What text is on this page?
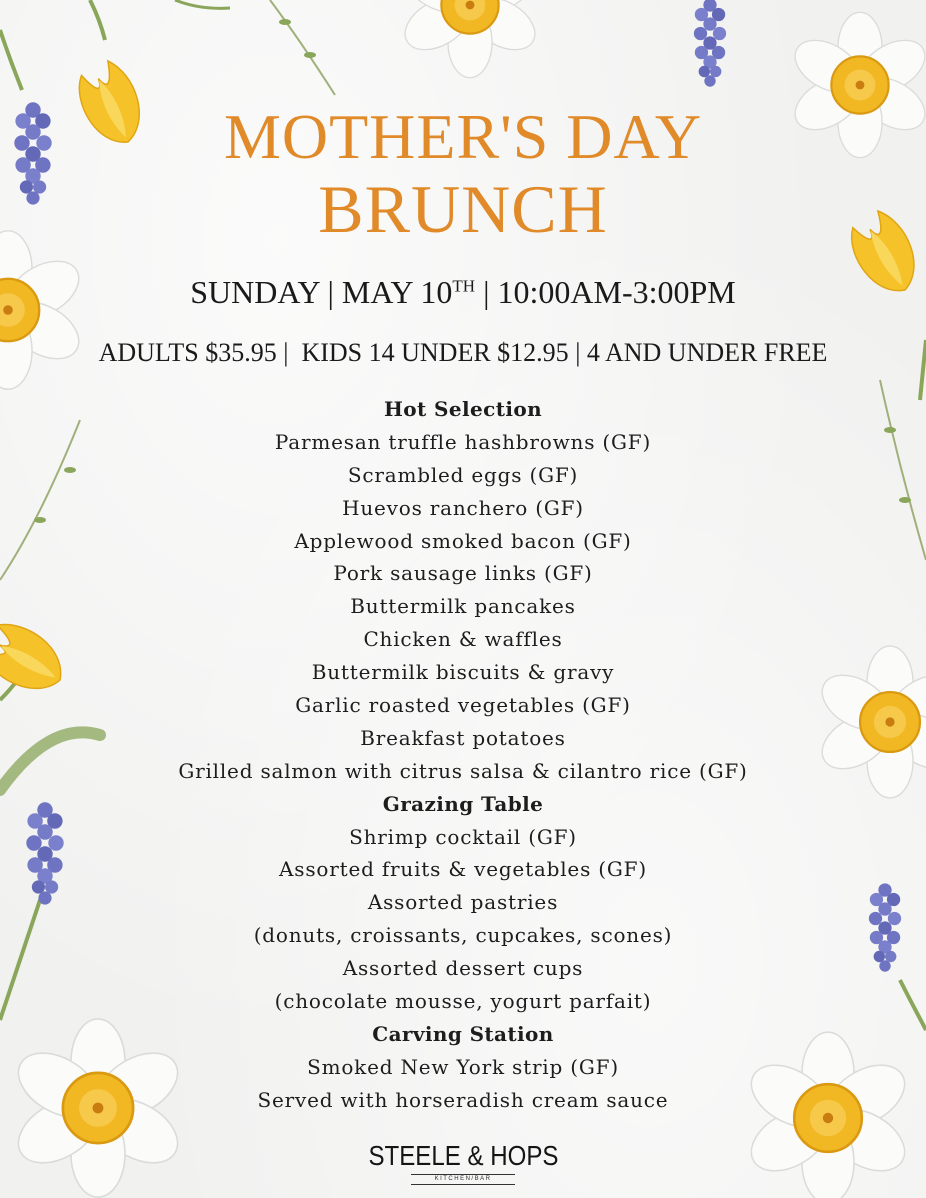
MOTHER'S DAY
BRUNCH
SUNDAY | MAY 10TH | 10:00AM-3:00PM
ADULTS $35.95 |  KIDS 14 UNDER $12.95 | 4 AND UNDER FREE
Hot Selection
Parmesan truffle hashbrowns (GF)
Scrambled eggs (GF)
Huevos ranchero (GF)
Applewood smoked bacon (GF)
Pork sausage links (GF)
Buttermilk pancakes
Chicken & waffles
Buttermilk biscuits & gravy
Garlic roasted vegetables (GF)
Breakfast potatoes
Grilled salmon with citrus salsa & cilantro rice (GF)
Grazing Table
Shrimp cocktail (GF)
Assorted fruits & vegetables (GF)
Assorted pastries
(donuts, croissants, cupcakes, scones)
Assorted dessert cups
(chocolate mousse, yogurt parfait)
Carving Station
Smoked New York strip (GF)
Served with horseradish cream sauce
STEELE & HOPS
KITCHEN/BAR
